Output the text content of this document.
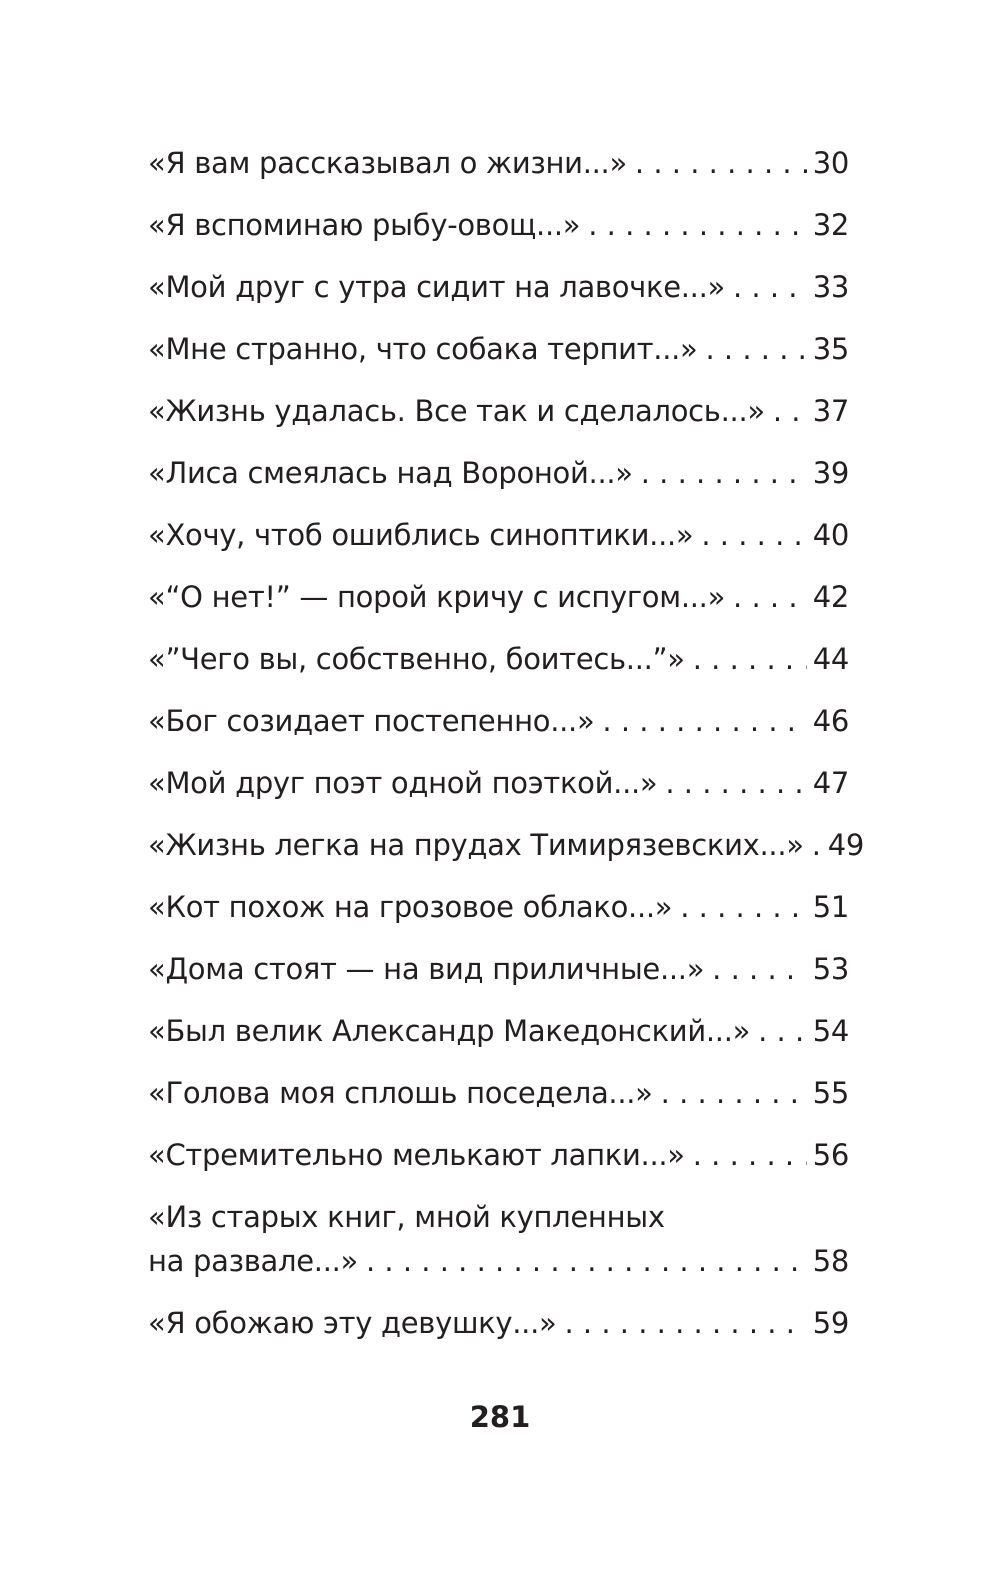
«Я вам рассказывал о жизни...» . . .	30
«Я вспоминаю рыбу-овощ...» . . .	32
«Мой друг с утра сидит на лавочке...» . . .	33
«Мне странно, что собака терпит...» . . .	35
«Жизнь удалась. Все так и сделалось...» . . . 37
«Лиса смеялась над Вороной...» . . .	39
«Хочу, чтоб ошиблись синоптики...» . . .	40
«“О нет!” — порой кричу с испугом...» . . .	42
«”Чего вы, собственно, боитесь...”» . . .	44
«Бог созидает постепенно...» . . .	46
«Мой друг поэт одной поэткой...» . . .	47
«Жизнь легка на прудах Тимирязевских...» . . . 49
«Кот похож на грозовое облако...» . . .	51
«Дома стоят — на вид приличные...» . . .	53
«Был велик Александр Македонский...» . . . 54
«Голова моя сплошь поседела...» . . .	55
«Стремительно мелькают лапки...» . . .	56
«Из старых книг, мной купленных
на развале...» . . .	58
«Я обожаю эту девушку...» . . .	59
281
